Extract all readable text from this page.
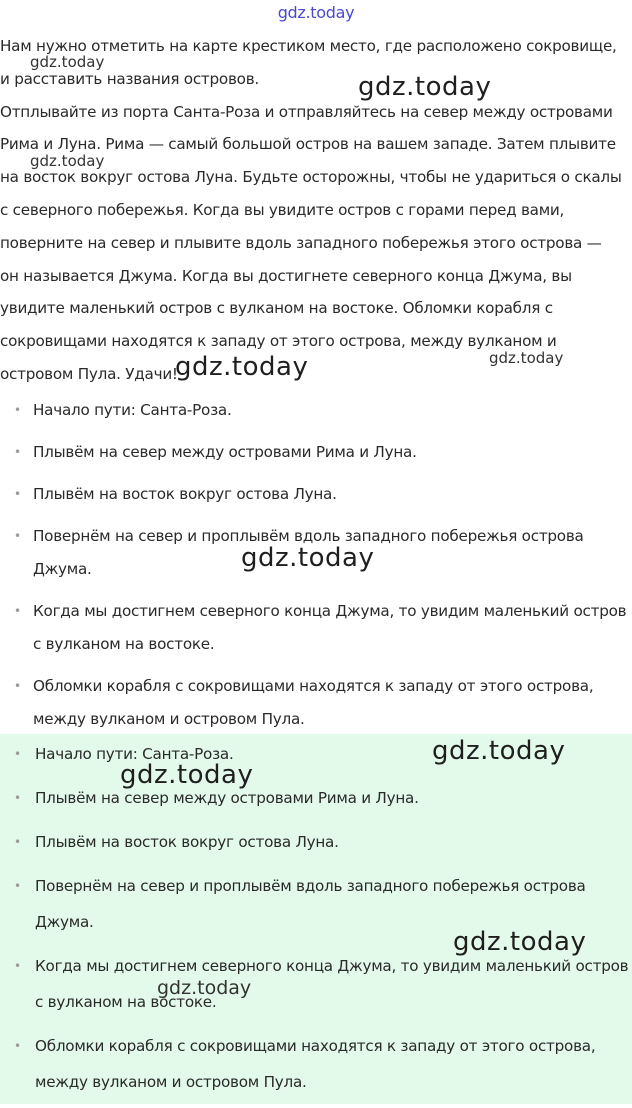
gdz.today

Нам нужно отметить на карте крестиком место, где расположено сокровище,

и расставить названия островов.

Отплывайте из порта Санта-Роза и отправляйтесь на север между островами

Рима и Луна. Рима — самый большой остров на вашем западе. Затем плывите

на восток вокруг остова Луна. Будьте осторожны, чтобы не удариться о скалы

с северного побережья. Когда вы увидите остров с горами перед вами,

поверните на север и плывите вдоль западного побережья этого острова —

он называется Джума. Когда вы достигнете северного конца Джума, вы

увидите маленький остров с вулканом на востоке. Обломки корабля с

сокровищами находятся к западу от этого острова, между вулканом и

островом Пула. Удачи!

• Начало пути: Санта-Роза.
• Плывём на север между островами Рима и Луна.
• Плывём на восток вокруг остова Луна.
• Повернём на север и проплывём вдоль западного побережья острова Джума.
• Когда мы достигнем северного конца Джума, то увидим маленький остров с вулканом на востоке.
• Обломки корабля с сокровищами находятся к западу от этого острова, между вулканом и островом Пула.
• Начало пути: Санта-Роза.
• Плывём на север между островами Рима и Луна.
• Плывём на восток вокруг остова Луна.
• Повернём на север и проплывём вдоль западного побережья острова Джума.
• Когда мы достигнем северного конца Джума, то увидим маленький остров с вулканом на востоке.
• Обломки корабля с сокровищами находятся к западу от этого острова, между вулканом и островом Пула.
gdz.today
gdz.today
gdz.today
gdz.today	gdz.today
gdz.today
gdz.today
gdz.today
gdz.today
gdz.today
